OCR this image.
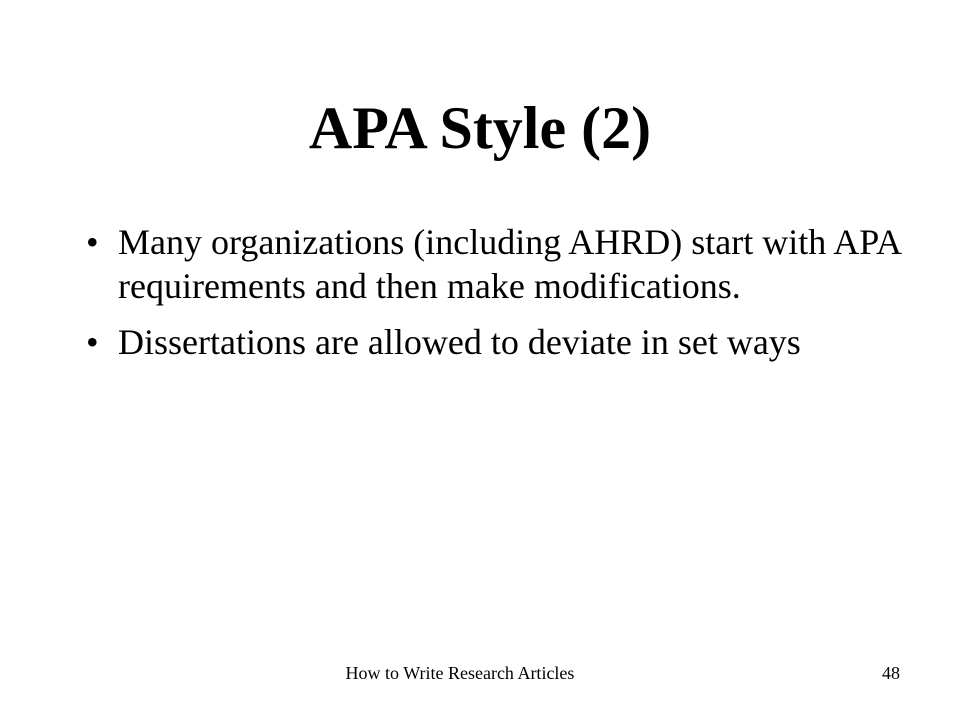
APA Style (2)
• Many organizations (including AHRD) start with APA requirements and then make modifications.
• Dissertations are allowed to deviate in set ways
How to Write Research Articles	48
